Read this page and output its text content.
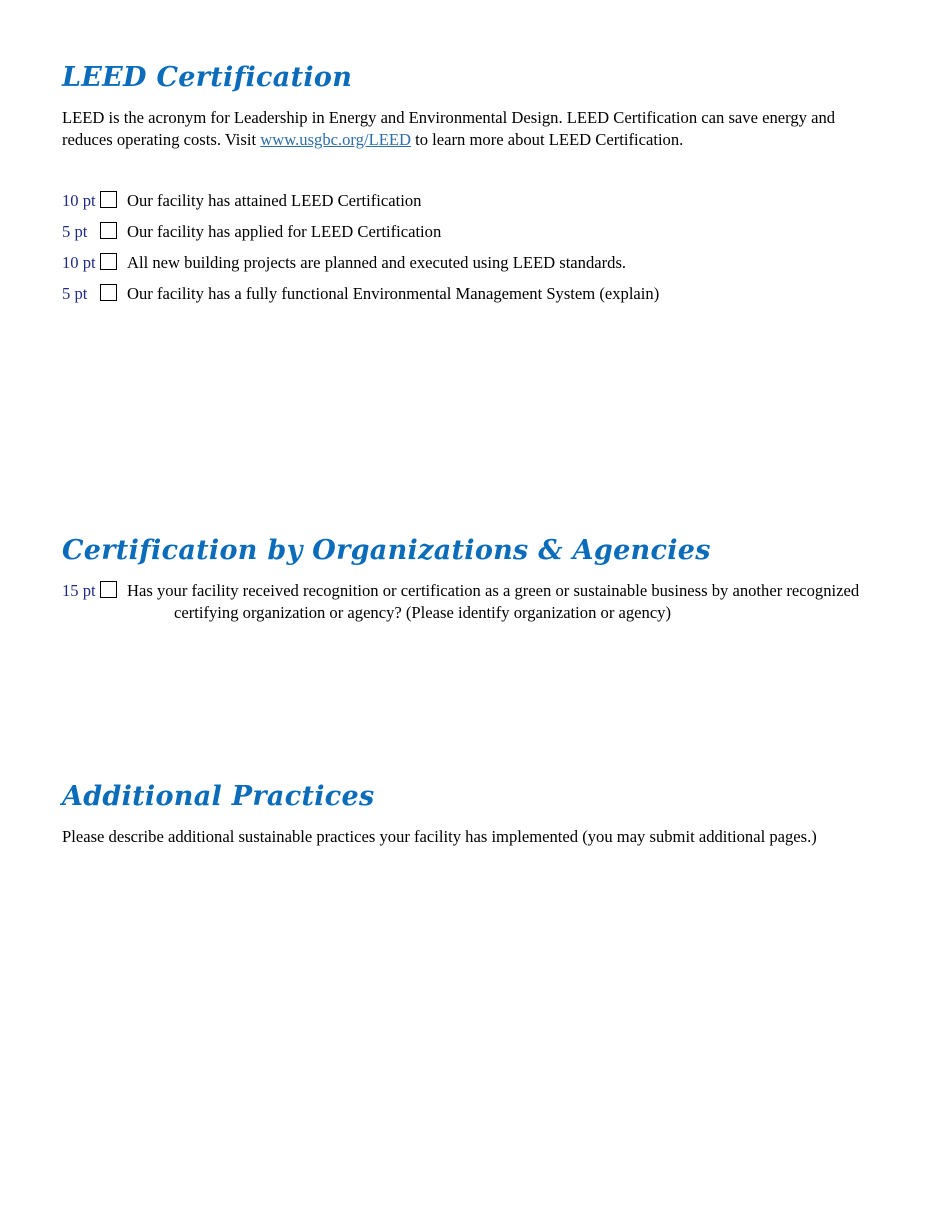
LEED Certification

LEED is the acronym for Leadership in Energy and Environmental Design. LEED Certification can save energy and reduces operating costs. Visit www.usgbc.org/LEED to learn more about LEED Certification.

10 pt Our facility has attained LEED Certification
5 pt Our facility has applied for LEED Certification
10 pt All new building projects are planned and executed using LEED standards.
5 pt Our facility has a fully functional Environmental Management System (explain)
Certification by Organizations & Agencies
15 pt Has your facility received recognition or certification as a green or sustainable business by another recognized
certifying organization or agency? (Please identify organization or agency)
Additional Practices

Please describe additional sustainable practices your facility has implemented (you may submit additional pages.)
